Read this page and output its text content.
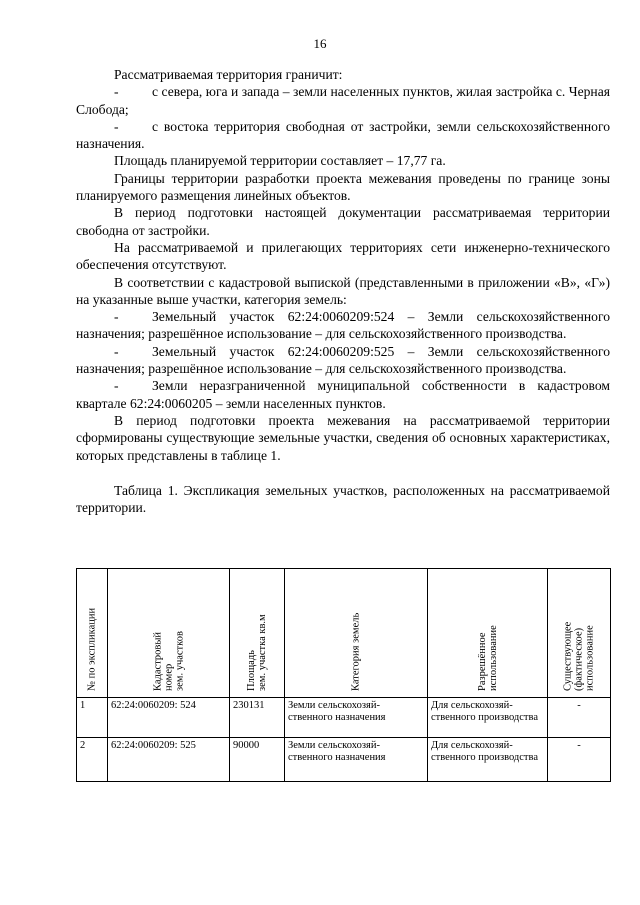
16

Рассматриваемая территория граничит:

- с севера, юга и запада – земли населенных пунктов, жилая застройка с. Черная Слобода;

- с востока территория свободная от застройки, земли сельскохозяйственного назначения.

Площадь планируемой территории составляет – 17,77 га.

Границы территории разработки проекта межевания проведены по границе зоны планируемого размещения линейных объектов.

В период подготовки настоящей документации рассматриваемая территории свободна от застройки.

На рассматриваемой и прилегающих территориях сети инженерно-технического обеспечения отсутствуют.

В соответствии с кадастровой выпиской (представленными в приложении «В», «Г») на указанные выше участки, категория земель:

- Земельный участок 62:24:0060209:524 – Земли сельскохозяйственного назначения; разрешённое использование – для сельскохозяйственного производства.

- Земельный участок 62:24:0060209:525 – Земли сельскохозяйственного назначения; разрешённое использование – для сельскохозяйственного производства.

- Земли неразграниченной муниципальной собственности в кадастровом квартале 62:24:0060205 – земли населенных пунктов.

В период подготовки проекта межевания на рассматриваемой территории сформированы существующие земельные участки, сведения об основных характеристиках, которых представлены в таблице 1.

Таблица 1. Экспликация земельных участков, расположенных на рассматриваемой территории.

№ по экспликации	Кадастровый номер зем. участков	Площадь зем. участка кв.м	Категория земель	Разрешённое использование	Существующее (фактическое) использование

1	62:24:0060209: 524	230131	Земли сельскохозяй-ственного назначения	Для сельскохозяй-ственного производства	-
2	62:24:0060209: 525	90000	Земли сельскохозяй-ственного назначения	Для сельскохозяй-ственного производства	-
